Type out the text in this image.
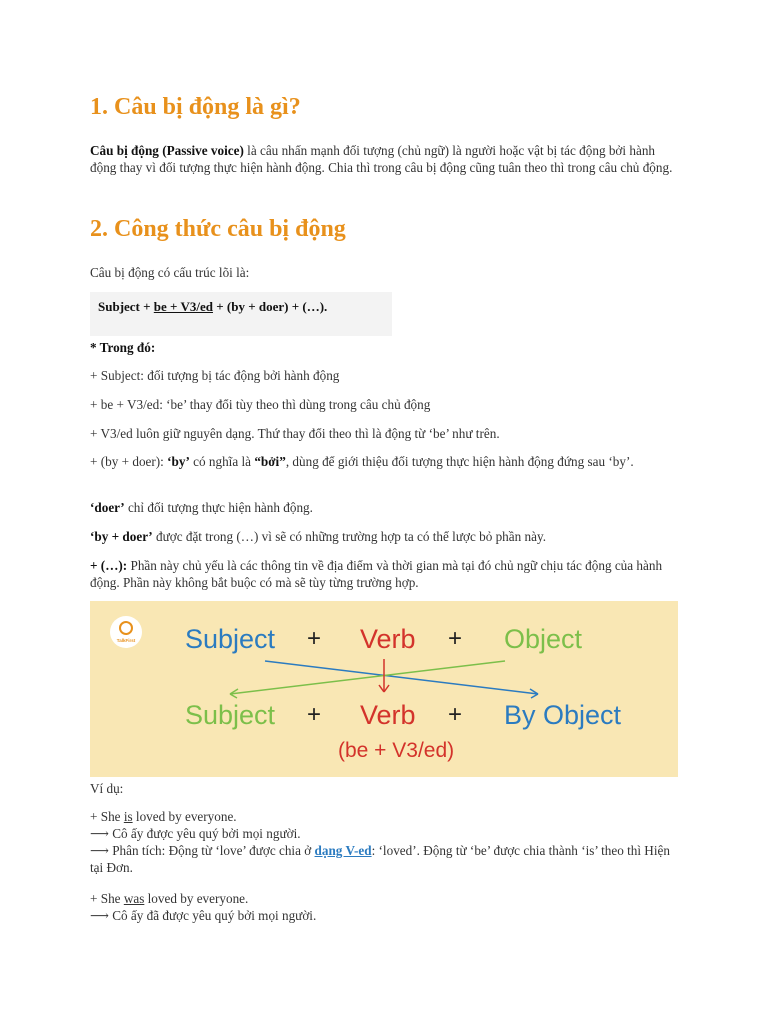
1. Câu bị động là gì?
Câu bị động (Passive voice) là câu nhấn mạnh đối tượng (chủ ngữ) là người hoặc vật bị tác động bởi hành động thay vì đối tượng thực hiện hành động. Chia thì trong câu bị động cũng tuân theo thì trong câu chủ động.
2. Công thức câu bị động
Câu bị động có cấu trúc lõi là:
Subject + be + V3/ed + (by + doer) + (…).
* Trong đó:
+ Subject: đối tượng bị tác động bởi hành động
+ be + V3/ed: ‘be’ thay đổi tùy theo thì dùng trong câu chủ động
+ V3/ed luôn giữ nguyên dạng. Thứ thay đổi theo thì là động từ ‘be’ như trên.
+ (by + doer): ‘by’ có nghĩa là “bởi”, dùng để giới thiệu đối tượng thực hiện hành động đứng sau ‘by’.
‘doer’ chỉ đối tượng thực hiện hành động.
‘by + doer’ được đặt trong (…) vì sẽ có những trường hợp ta có thể lược bỏ phần này.
+ (…): Phần này chủ yếu là các thông tin về địa điểm và thời gian mà tại đó chủ ngữ chịu tác động của hành động. Phần này không bắt buộc có mà sẽ tùy từng trường hợp.
TalkFirst Subject + Verb + Object
Subject + Verb + By Object
(be + V3/ed)
Ví dụ:
+ She is loved by everyone.
⟶ Cô ấy được yêu quý bởi mọi người.
⟶ Phân tích: Động từ ‘love’ được chia ở dạng V-ed: ‘loved’. Động từ ‘be’ được chia thành ‘is’ theo thì Hiện tại Đơn.
+ She was loved by everyone.
⟶ Cô ấy đã được yêu quý bởi mọi người.
